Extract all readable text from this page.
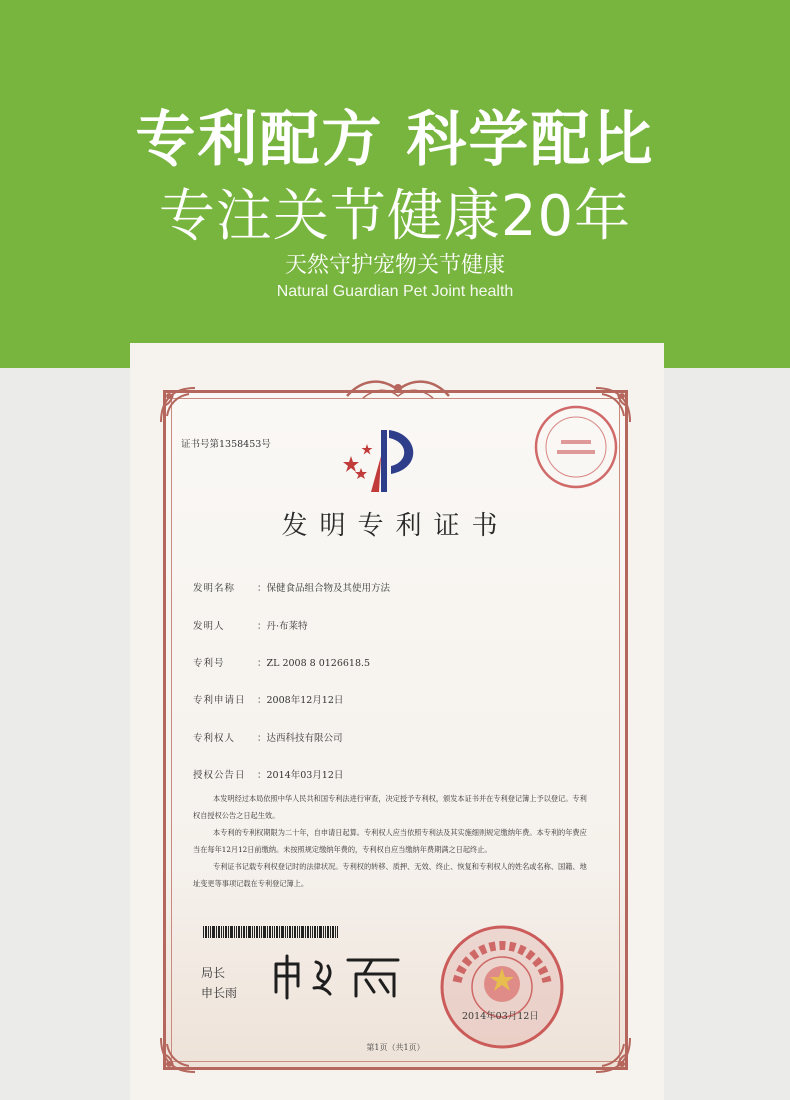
专利配方 科学配比
专注关节健康20年
天然守护宠物关节健康
Natural Guardian Pet Joint health
证书号第1358453号
发明专利证书
发明名称 ：保健食品组合物及其使用方法
发明人	：丹·布莱特
专利号	：ZL 2008 8 0126618.5
专利申请日 ：2008年12月12日
专利权人 ：达西科技有限公司
授权公告日 ：2014年03月12日

本发明经过本局依照中华人民共和国专利法进行审查，决定授予专利权，颁发本证书并在专利登记簿上予以登记。专利权自授权公告之日起生效。

本专利的专利权期限为二十年，自申请日起算。专利权人应当依照专利法及其实施细则规定缴纳年费。本专利的年费应当在每年12月12日前缴纳。未按照规定缴纳年费的，专利权自应当缴纳年费期满之日起终止。

专利证书记载专利权登记时的法律状况。专利权的转移、质押、无效、终止、恢复和专利权人的姓名或名称、国籍、地址变更等事项记载在专利登记簿上。

局长
申长雨
2014年03月12日
第1页（共1页）
